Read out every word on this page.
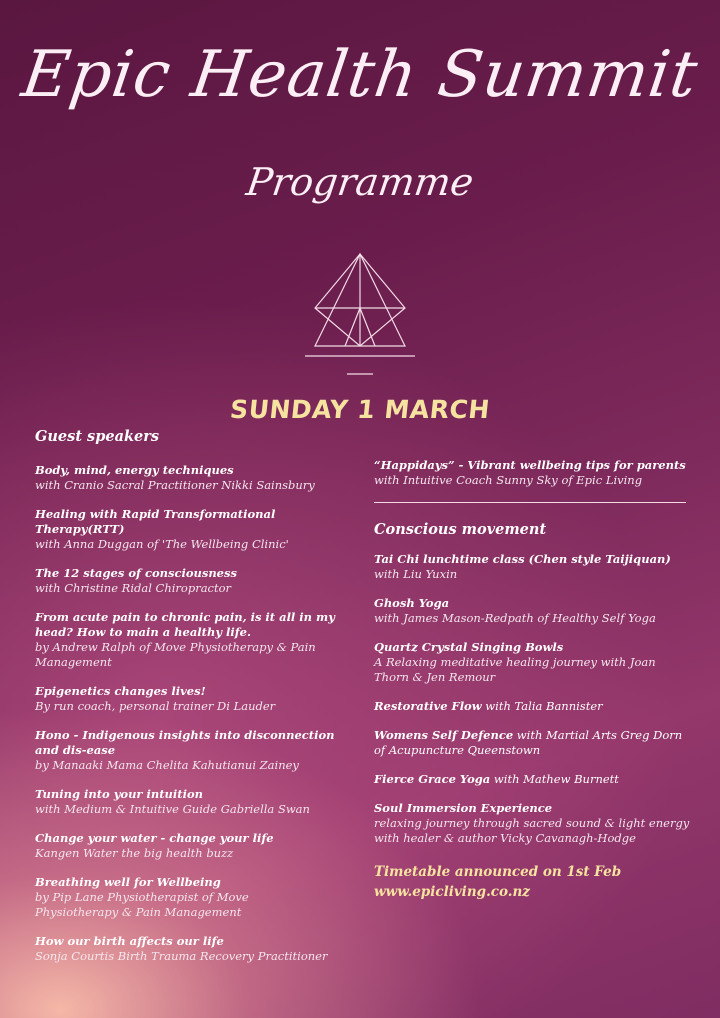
Epic Health Summit
Programme
SUNDAY 1 MARCH
Guest speakers
Body, mind, energy techniques
with Cranio Sacral Practitioner Nikki Sainsbury
Healing with Rapid Transformational Therapy(RTT)
with Anna Duggan of 'The Wellbeing Clinic'
The 12 stages of consciousness
with Christine Ridal Chiropractor
From acute pain to chronic pain, is it all in my head? How to main a healthy life.
by Andrew Ralph of Move Physiotherapy & Pain Management
Epigenetics changes lives!
By run coach, personal trainer Di Lauder
Hono - Indigenous insights into disconnection and dis-ease
by Manaaki Mama Chelita Kahutianui Zainey
Tuning into your intuition
with Medium & Intuitive Guide Gabriella Swan
Change your water - change your life
Kangen Water the big health buzz
Breathing well for Wellbeing
by Pip Lane Physiotherapist of Move Physiotherapy & Pain Management
How our birth affects our life
Sonja Courtis Birth Trauma Recovery Practitioner
“Happidays” - Vibrant wellbeing tips for parents
with Intuitive Coach Sunny Sky of Epic Living
Conscious movement
Tai Chi lunchtime class (Chen style Taijiquan)
with Liu Yuxin
Ghosh Yoga
with James Mason-Redpath of Healthy Self Yoga
Quartz Crystal Singing Bowls
A Relaxing meditative healing journey with Joan Thorn & Jen Remour
Restorative Flow with Talia Bannister
Womens Self Defence with Martial Arts Greg Dorn of Acupuncture Queenstown
Fierce Grace Yoga with Mathew Burnett
Soul Immersion Experience
relaxing journey through sacred sound & light energy with healer & author Vicky Cavanagh-Hodge

Timetable announced on 1st Feb

www.epicliving.co.nz
